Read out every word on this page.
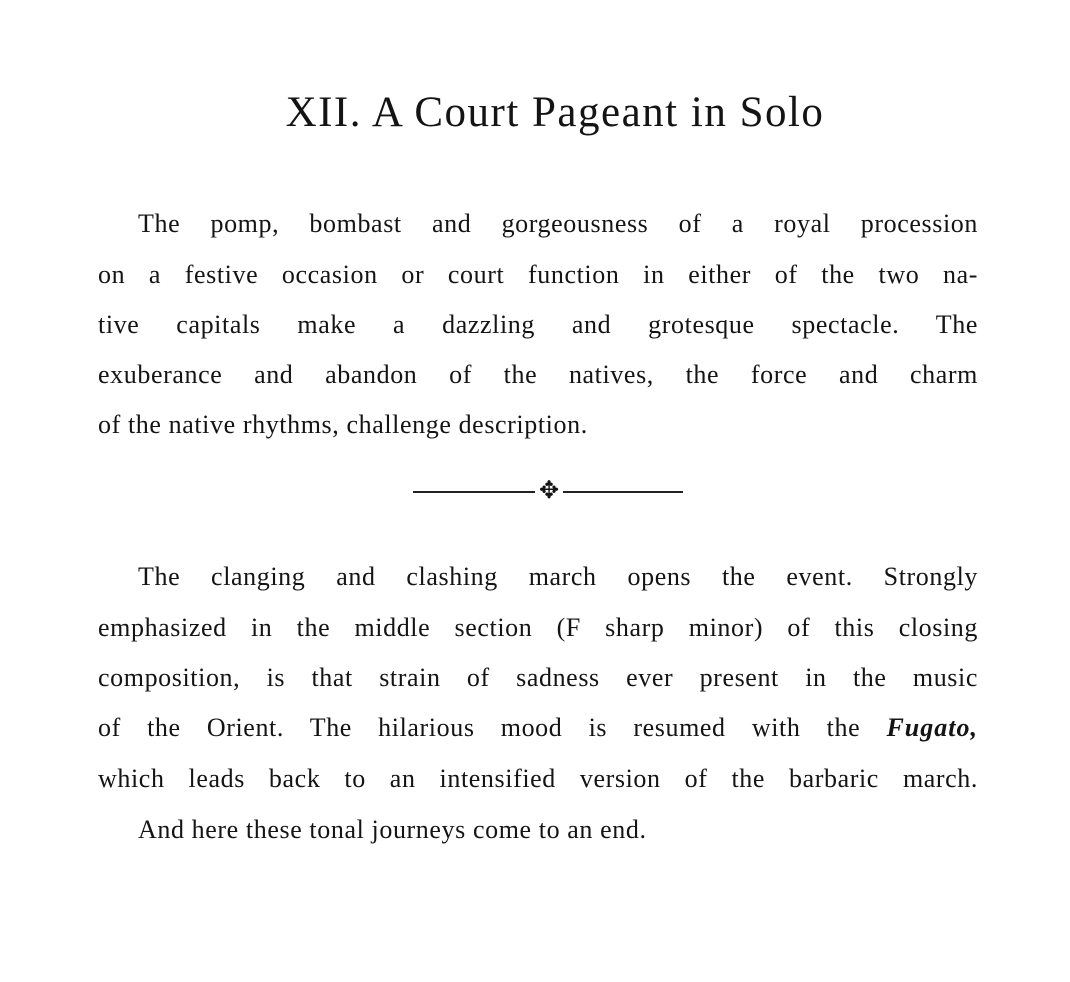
XII. A Court Pageant in Solo
The pomp, bombast and gorgeousness of a royal procession
on a festive occasion or court function in either of the two na-
tive capitals make a dazzling and grotesque spectacle. The
exuberance and abandon of the natives, the force and charm
of the native rhythms, challenge description.
✥
The clanging and clashing march opens the event. Strongly
emphasized in the middle section (F sharp minor) of this closing
composition, is that strain of sadness ever present in the music
of the Orient. The hilarious mood is resumed with the Fugato,
which leads back to an intensified version of the barbaric march.
And here these tonal journeys come to an end.
